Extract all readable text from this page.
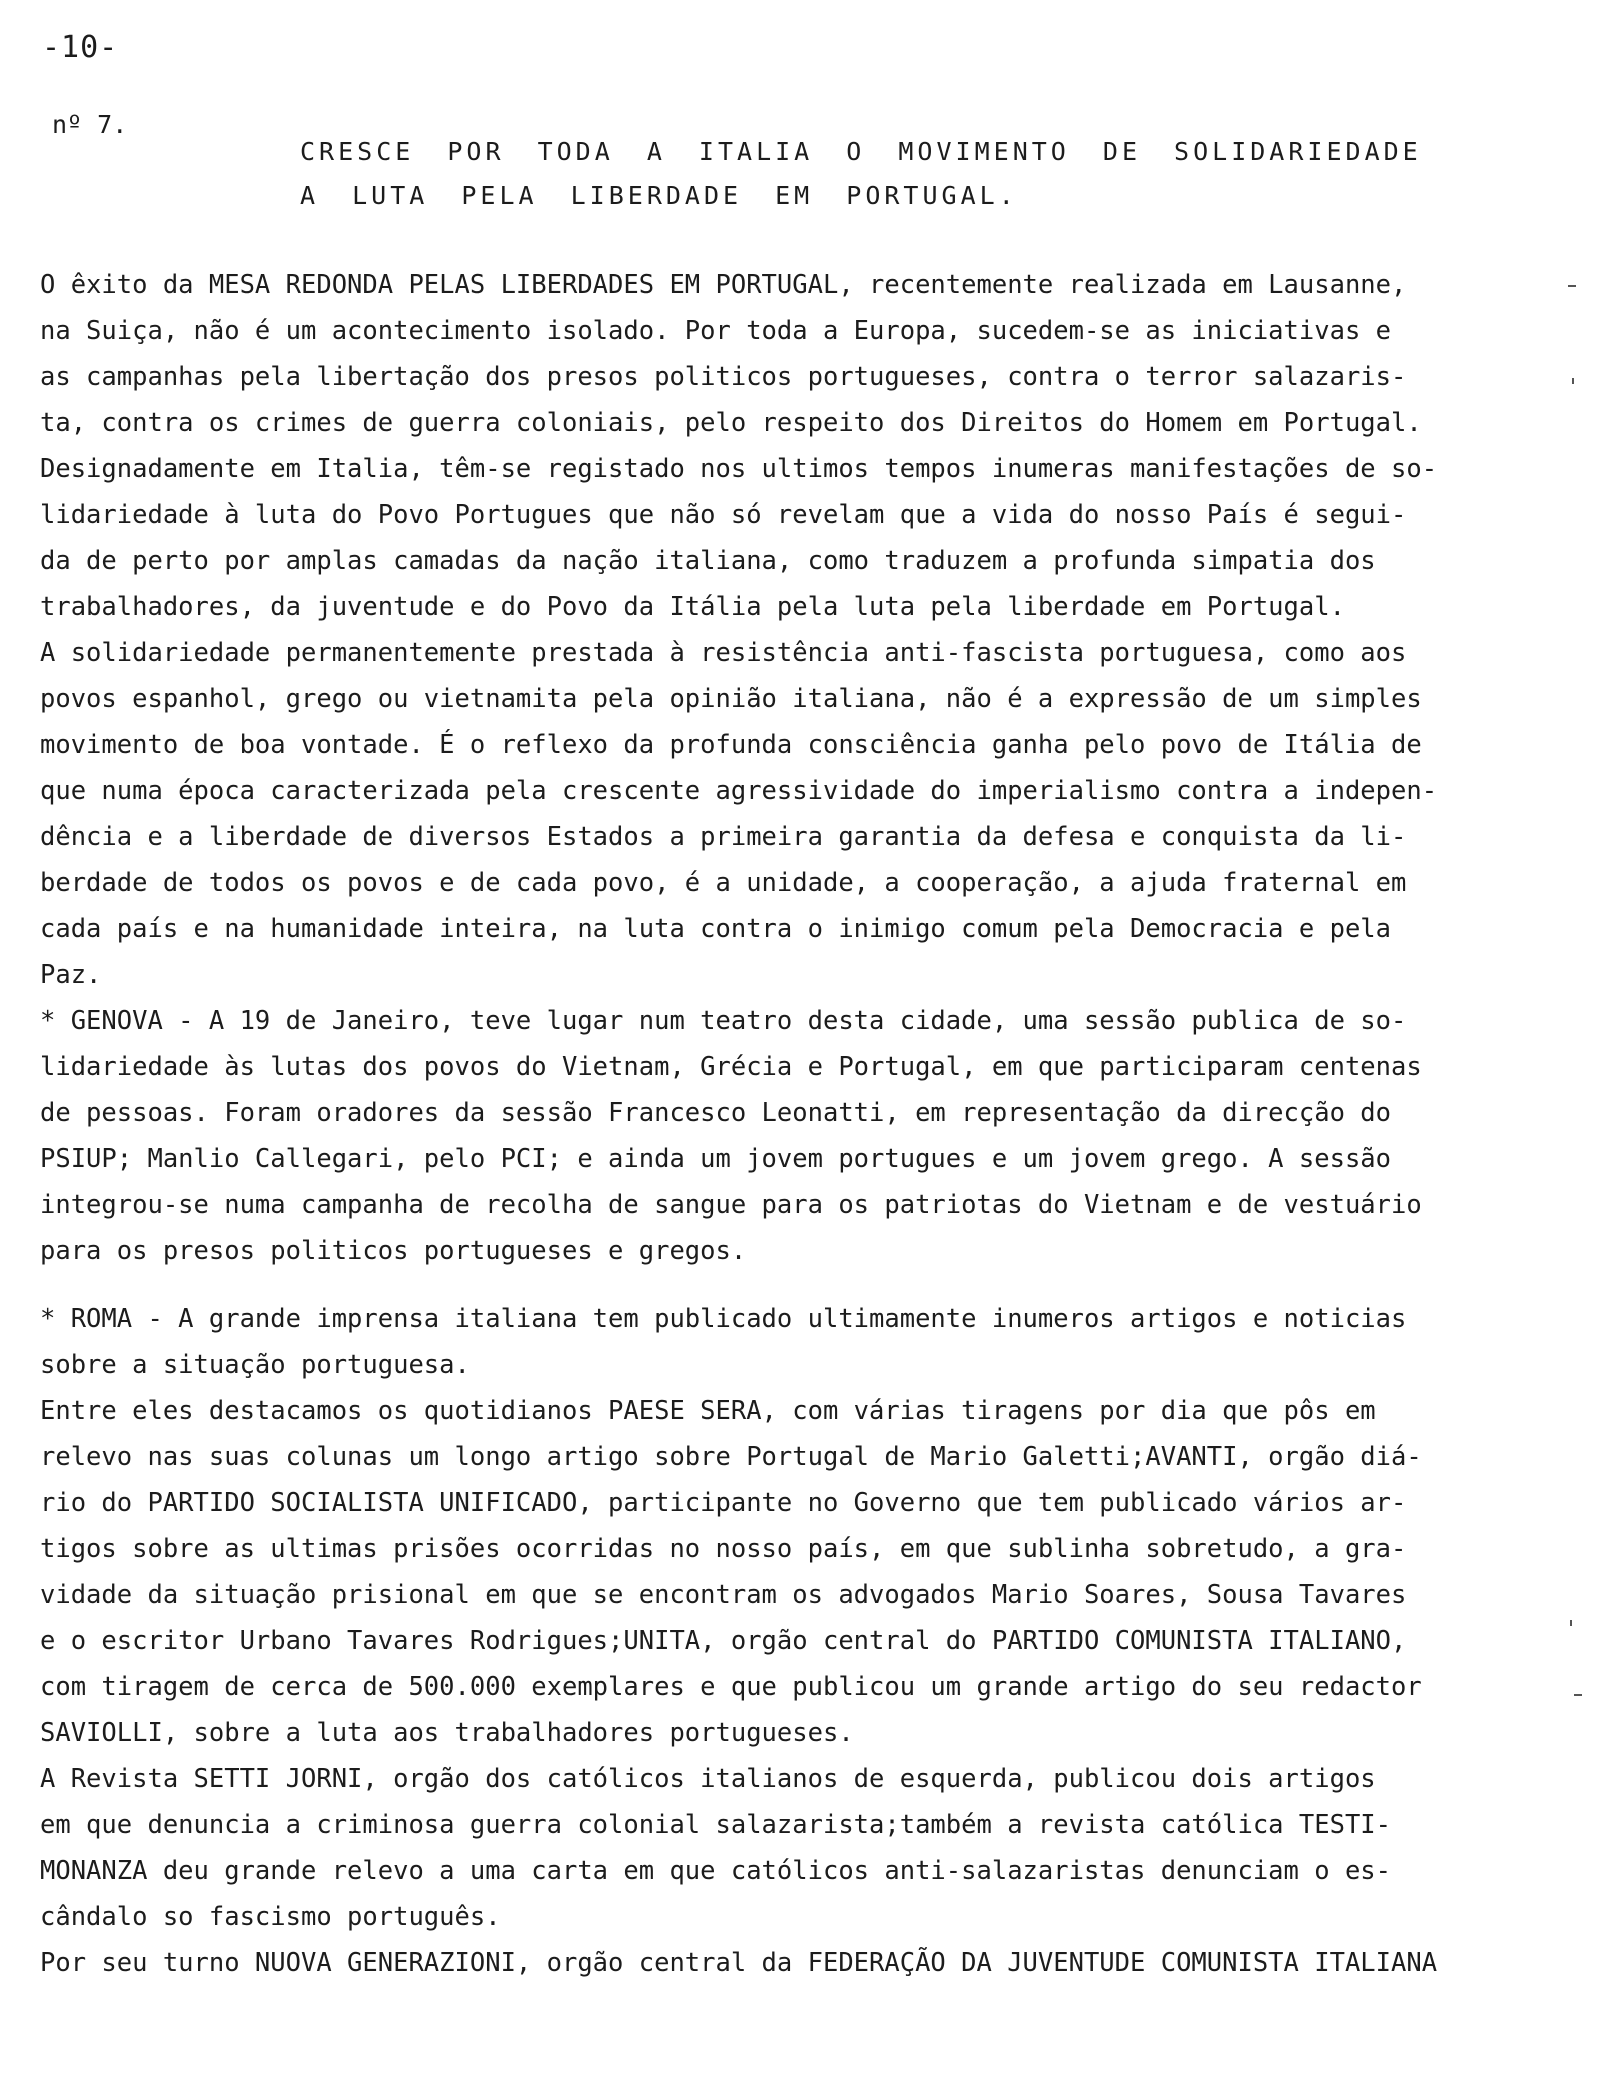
-10-
nº 7.
CRESCE POR TODA A ITALIA O MOVIMENTO DE SOLIDARIEDADE
A LUTA PELA LIBERDADE EM PORTUGAL.
O êxito da MESA REDONDA PELAS LIBERDADES EM PORTUGAL, recentemente realizada em Lausanne,
na Suiça, não é um acontecimento isolado. Por toda a Europa, sucedem-se as iniciativas e
as campanhas pela libertação dos presos politicos portugueses, contra o terror salazaris-
ta, contra os crimes de guerra coloniais, pelo respeito dos Direitos do Homem em Portugal.
Designadamente em Italia, têm-se registado nos ultimos tempos inumeras manifestações de so-
lidariedade à luta do Povo Portugues que não só revelam que a vida do nosso País é segui-
da de perto por amplas camadas da nação italiana, como traduzem a profunda simpatia dos
trabalhadores, da juventude e do Povo da Itália pela luta pela liberdade em Portugal.
A solidariedade permanentemente prestada à resistência anti-fascista portuguesa, como aos
povos espanhol, grego ou vietnamita pela opinião italiana, não é a expressão de um simples
movimento de boa vontade. É o reflexo da profunda consciência ganha pelo povo de Itália de
que numa época caracterizada pela crescente agressividade do imperialismo contra a indepen-
dência e a liberdade de diversos Estados a primeira garantia da defesa e conquista da li-
berdade de todos os povos e de cada povo, é a unidade, a cooperação, a ajuda fraternal em
cada país e na humanidade inteira, na luta contra o inimigo comum pela Democracia e pela
Paz.
* GENOVA - A 19 de Janeiro, teve lugar num teatro desta cidade, uma sessão publica de so-
lidariedade às lutas dos povos do Vietnam, Grécia e Portugal, em que participaram centenas
de pessoas. Foram oradores da sessão Francesco Leonatti, em representação da direcção do
PSIUP; Manlio Callegari, pelo PCI; e ainda um jovem portugues e um jovem grego. A sessão
integrou-se numa campanha de recolha de sangue para os patriotas do Vietnam e de vestuário
para os presos politicos portugueses e gregos.
* ROMA - A grande imprensa italiana tem publicado ultimamente inumeros artigos e noticias
sobre a situação portuguesa.
Entre eles destacamos os quotidianos PAESE SERA, com várias tiragens por dia que pôs em
relevo nas suas colunas um longo artigo sobre Portugal de Mario Galetti;AVANTI, orgão diá-
rio do PARTIDO SOCIALISTA UNIFICADO, participante no Governo que tem publicado vários ar-
tigos sobre as ultimas prisões ocorridas no nosso país, em que sublinha sobretudo, a gra-
vidade da situação prisional em que se encontram os advogados Mario Soares, Sousa Tavares
e o escritor Urbano Tavares Rodrigues;UNITA, orgão central do PARTIDO COMUNISTA ITALIANO,
com tiragem de cerca de 500.000 exemplares e que publicou um grande artigo do seu redactor
SAVIOLLI, sobre a luta aos trabalhadores portugueses.
A Revista SETTI JORNI, orgão dos católicos italianos de esquerda, publicou dois artigos
em que denuncia a criminosa guerra colonial salazarista;também a revista católica TESTI-
MONANZA deu grande relevo a uma carta em que católicos anti-salazaristas denunciam o es-
cândalo so fascismo português.
Por seu turno NUOVA GENERAZIONI, orgão central da FEDERAÇÃO DA JUVENTUDE COMUNISTA ITALIANA
